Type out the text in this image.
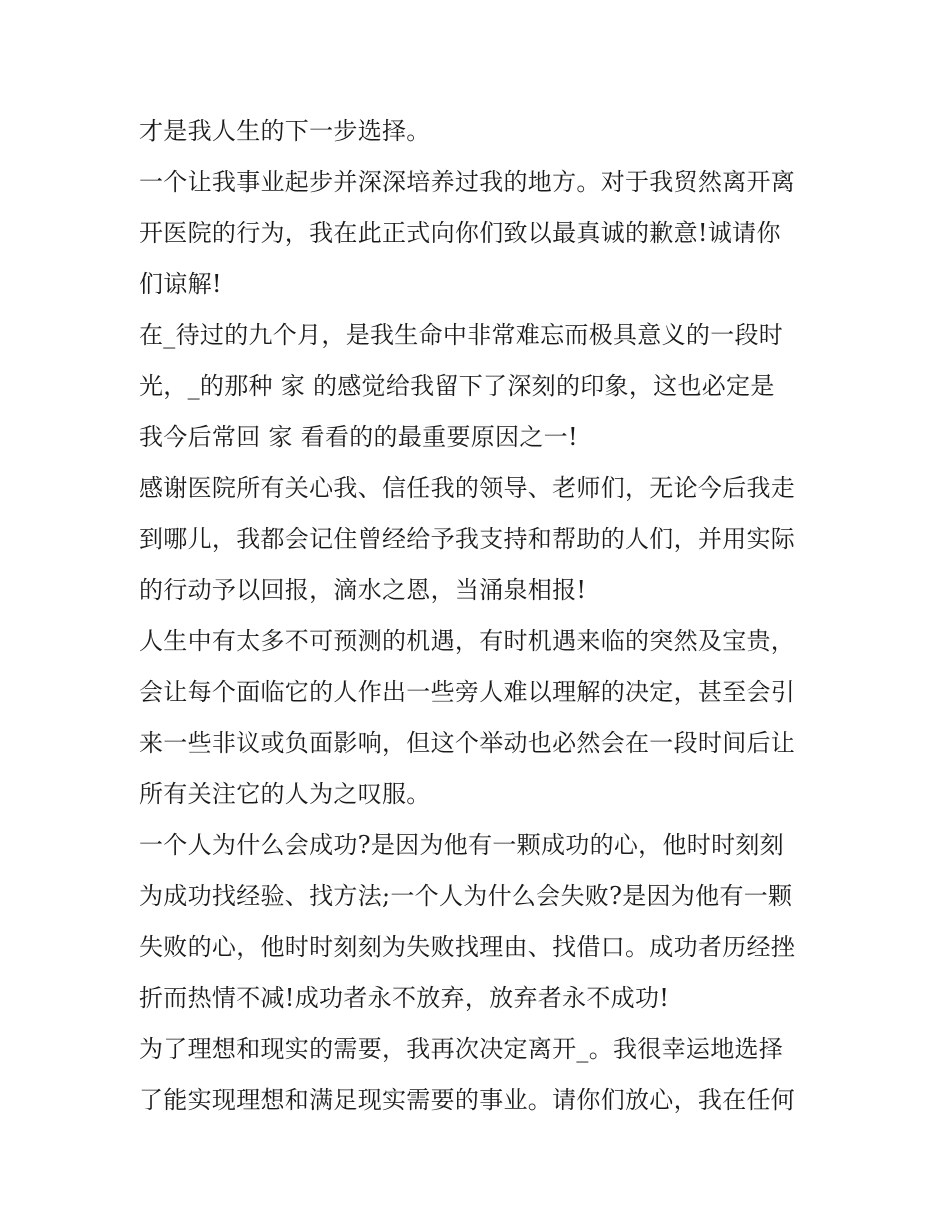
才是我人生的下一步选择。
一个让我事业起步并深深培养过我的地方。对于我贸然离开离
开医院的行为，我在此正式向你们致以最真诚的歉意!诚请你
们谅解!
在_待过的九个月，是我生命中非常难忘而极具意义的一段时
光，_的那种 家 的感觉给我留下了深刻的印象，这也必定是
我今后常回 家 看看的的最重要原因之一!
感谢医院所有关心我、信任我的领导、老师们，无论今后我走
到哪儿，我都会记住曾经给予我支持和帮助的人们，并用实际
的行动予以回报，滴水之恩，当涌泉相报!
人生中有太多不可预测的机遇，有时机遇来临的突然及宝贵，
会让每个面临它的人作出一些旁人难以理解的决定，甚至会引
来一些非议或负面影响，但这个举动也必然会在一段时间后让
所有关注它的人为之叹服。
一个人为什么会成功?是因为他有一颗成功的心，他时时刻刻
为成功找经验、找方法;一个人为什么会失败?是因为他有一颗
失败的心，他时时刻刻为失败找理由、找借口。成功者历经挫
折而热情不减!成功者永不放弃，放弃者永不成功!
为了理想和现实的需要，我再次决定离开_。我很幸运地选择
了能实现理想和满足现实需要的事业。请你们放心，我在任何
